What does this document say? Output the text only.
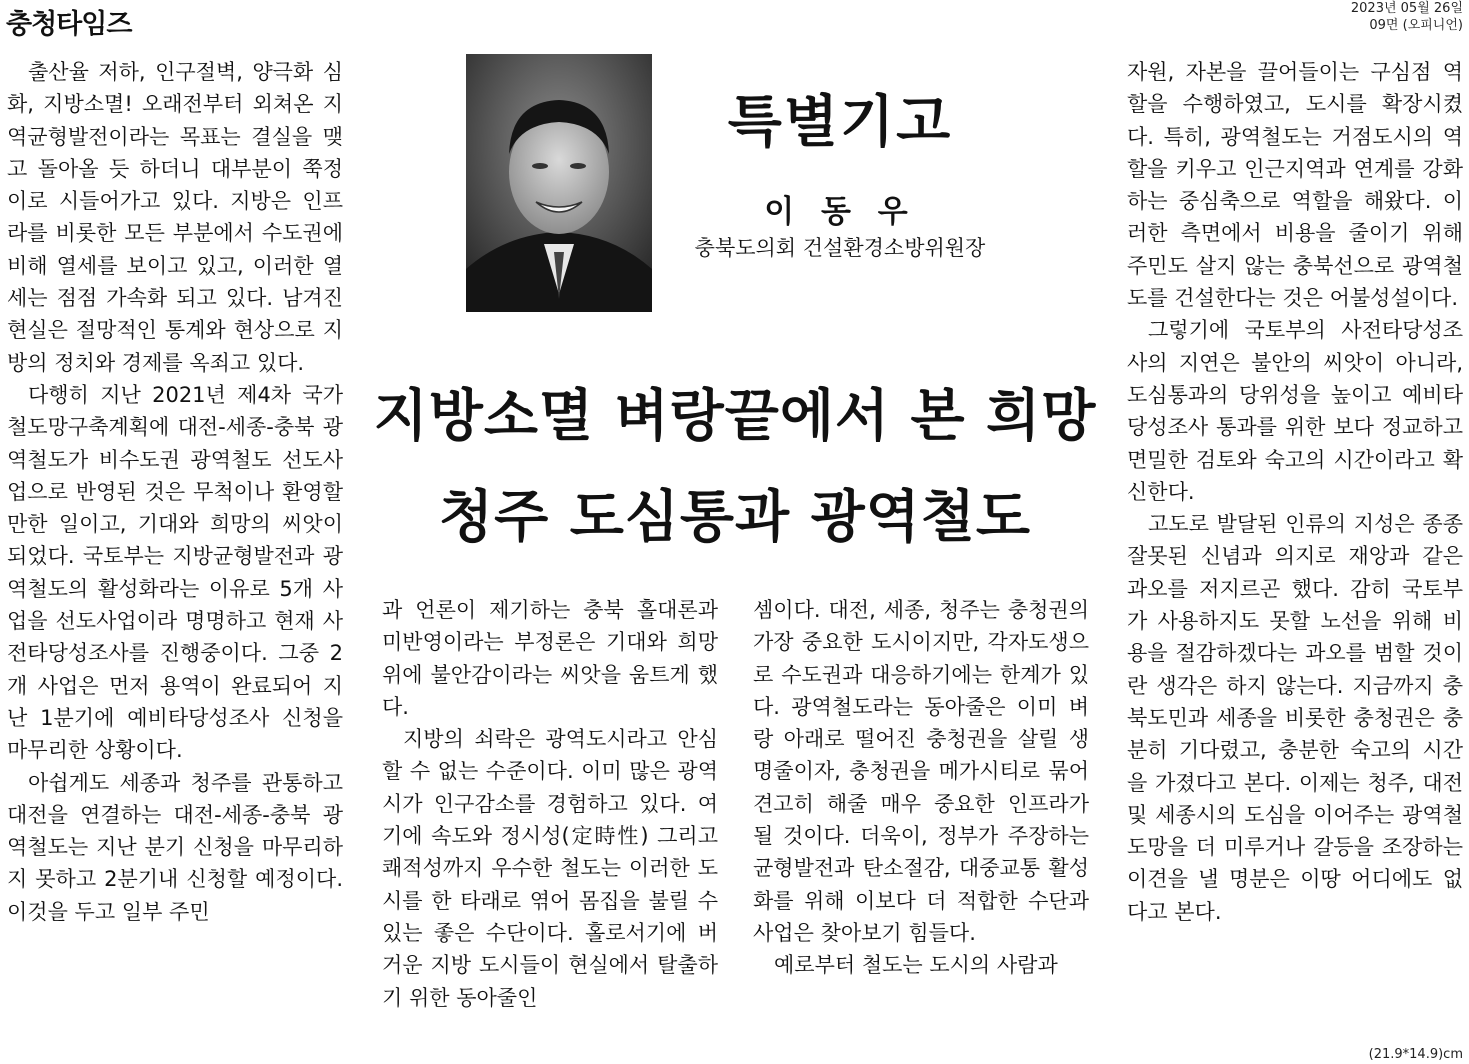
충청타임즈
2023년 05월 26일
09면 (오피니언)

출산율 저하, 인구절벽, 양극화 심화, 지방소멸! 오래전부터 외쳐온 지역균형발전이라는 목표는 결실을 맺고 돌아올 듯 하더니 대부분이 쭉정이로 시들어가고 있다. 지방은 인프라를 비롯한 모든 부분에서 수도권에 비해 열세를 보이고 있고, 이러한 열세는 점점 가속화 되고 있다. 남겨진 현실은 절망적인 통계와 현상으로 지방의 정치와 경제를 옥죄고 있다.

다행히 지난 2021년 제4차 국가철도망구축계획에 대전-세종-충북 광역철도가 비수도권 광역철도 선도사업으로 반영된 것은 무척이나 환영할만한 일이고, 기대와 희망의 씨앗이 되었다. 국토부는 지방균형발전과 광역철도의 활성화라는 이유로 5개 사업을 선도사업이라 명명하고 현재 사전타당성조사를 진행중이다. 그중 2개 사업은 먼저 용역이 완료되어 지난 1분기에 예비타당성조사 신청을 마무리한 상황이다.

아쉽게도 세종과 청주를 관통하고 대전을 연결하는 대전-세종-충북 광역철도는 지난 분기 신청을 마무리하지 못하고 2분기내 신청할 예정이다. 이것을 두고 일부 주민

특별기고
이 동 우
충북도의회 건설환경소방위원장
지방소멸 벼랑끝에서 본 희망
청주 도심통과 광역철도

과 언론이 제기하는 충북 홀대론과 미반영이라는 부정론은 기대와 희망 위에 불안감이라는 씨앗을 움트게 했다.

지방의 쇠락은 광역도시라고 안심할 수 없는 수준이다. 이미 많은 광역시가 인구감소를 경험하고 있다. 여기에 속도와 정시성(定時性) 그리고 쾌적성까지 우수한 철도는 이러한 도시를 한 타래로 엮어 몸집을 불릴 수 있는 좋은 수단이다. 홀로서기에 버거운 지방 도시들이 현실에서 탈출하기 위한 동아줄인

셈이다. 대전, 세종, 청주는 충청권의 가장 중요한 도시이지만, 각자도생으로 수도권과 대응하기에는 한계가 있다. 광역철도라는 동아줄은 이미 벼랑 아래로 떨어진 충청권을 살릴 생명줄이자, 충청권을 메가시티로 묶어 견고히 해줄 매우 중요한 인프라가 될 것이다. 더욱이, 정부가 주장하는 균형발전과 탄소절감, 대중교통 활성화를 위해 이보다 더 적합한 수단과 사업은 찾아보기 힘들다.

예로부터 철도는 도시의 사람과

자원, 자본을 끌어들이는 구심점 역할을 수행하였고, 도시를 확장시켰다. 특히, 광역철도는 거점도시의 역할을 키우고 인근지역과 연계를 강화하는 중심축으로 역할을 해왔다. 이러한 측면에서 비용을 줄이기 위해 주민도 살지 않는 충북선으로 광역철도를 건설한다는 것은 어불성설이다.

그렇기에 국토부의 사전타당성조사의 지연은 불안의 씨앗이 아니라, 도심통과의 당위성을 높이고 예비타당성조사 통과를 위한 보다 정교하고 면밀한 검토와 숙고의 시간이라고 확신한다.

고도로 발달된 인류의 지성은 종종 잘못된 신념과 의지로 재앙과 같은 과오를 저지르곤 했다. 감히 국토부가 사용하지도 못할 노선을 위해 비용을 절감하겠다는 과오를 범할 것이란 생각은 하지 않는다. 지금까지 충북도민과 세종을 비롯한 충청권은 충분히 기다렸고, 충분한 숙고의 시간을 가졌다고 본다. 이제는 청주, 대전 및 세종시의 도심을 이어주는 광역철도망을 더 미루거나 갈등을 조장하는 이견을 낼 명분은 이땅 어디에도 없다고 본다.

(21.9*14.9)cm
